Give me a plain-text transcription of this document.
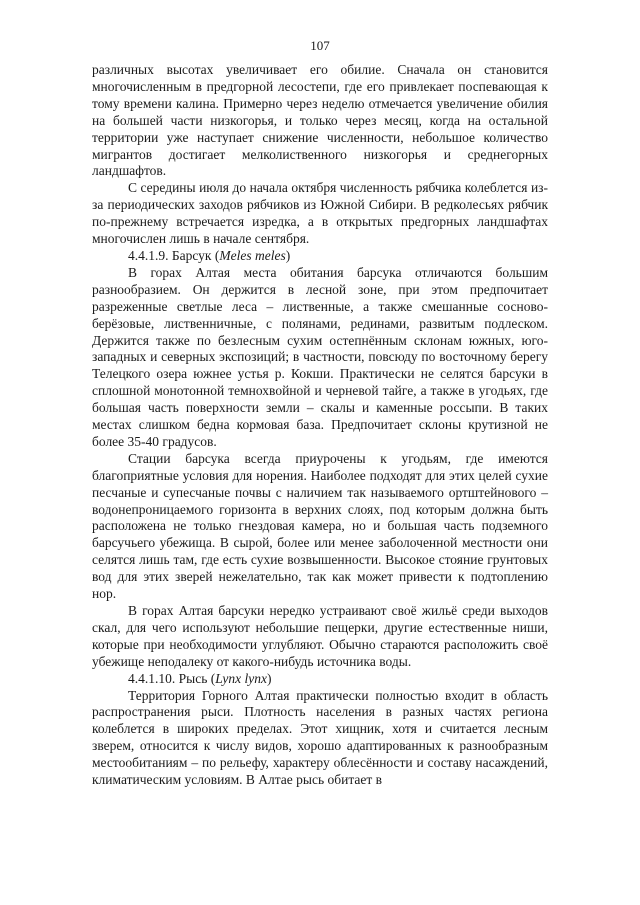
107

различных высотах увеличивает его обилие. Сначала он становится многочисленным в предгорной лесостепи, где его привлекает поспевающая к тому времени калина. Примерно через неделю отмечается увеличение обилия на большей части низкогорья, и только через месяц, когда на остальной территории уже наступает снижение численности, небольшое количество мигрантов достигает мелколиственного низкогорья и среднегорных ландшафтов.

С середины июля до начала октября численность рябчика колеблется из-за периодических заходов рябчиков из Южной Сибири. В редколесьях рябчик по-прежнему встречается изредка, а в открытых предгорных ландшафтах многочислен лишь в начале сентября.

4.4.1.9. Барсук (Meles meles)

В горах Алтая места обитания барсука отличаются большим разнообразием. Он держится в лесной зоне, при этом предпочитает разреженные светлые леса – лиственные, а также смешанные сосново-берёзовые, лиственничные, с полянами, рединами, развитым подлеском. Держится также по безлесным сухим остепнённым склонам южных, юго-западных и северных экспозиций; в частности, повсюду по восточному берегу Телецкого озера южнее устья р. Кокши. Практически не селятся барсуки в сплошной монотонной темнохвойной и черневой тайге, а также в угодьях, где большая часть поверхности земли – скалы и каменные россыпи. В таких местах слишком бедна кормовая база. Предпочитает склоны крутизной не более 35-40 градусов.

Стации барсука всегда приурочены к угодьям, где имеются благоприятные условия для норения. Наиболее подходят для этих целей сухие песчаные и супесчаные почвы с наличием так называемого ортштейнового – водонепроницаемого горизонта в верхних слоях, под которым должна быть расположена не только гнездовая камера, но и большая часть подземного барсучьего убежища. В сырой, более или менее заболоченной местности они селятся лишь там, где есть сухие возвышенности. Высокое стояние грунтовых вод для этих зверей нежелательно, так как может привести к подтоплению нор.

В горах Алтая барсуки нередко устраивают своё жильё среди выходов скал, для чего используют небольшие пещерки, другие естественные ниши, которые при необходимости углубляют. Обычно стараются расположить своё убежище неподалеку от какого-нибудь источника воды.

4.4.1.10. Рысь (Lynx lynx)

Территория Горного Алтая практически полностью входит в область распространения рыси. Плотность населения в разных частях региона колеблется в широких пределах. Этот хищник, хотя и считается лесным зверем, относится к числу видов, хорошо адаптированных к разнообразным местообитаниям – по рельефу, характеру облесённости и составу насаждений, климатическим условиям. В Алтае рысь обитает в
